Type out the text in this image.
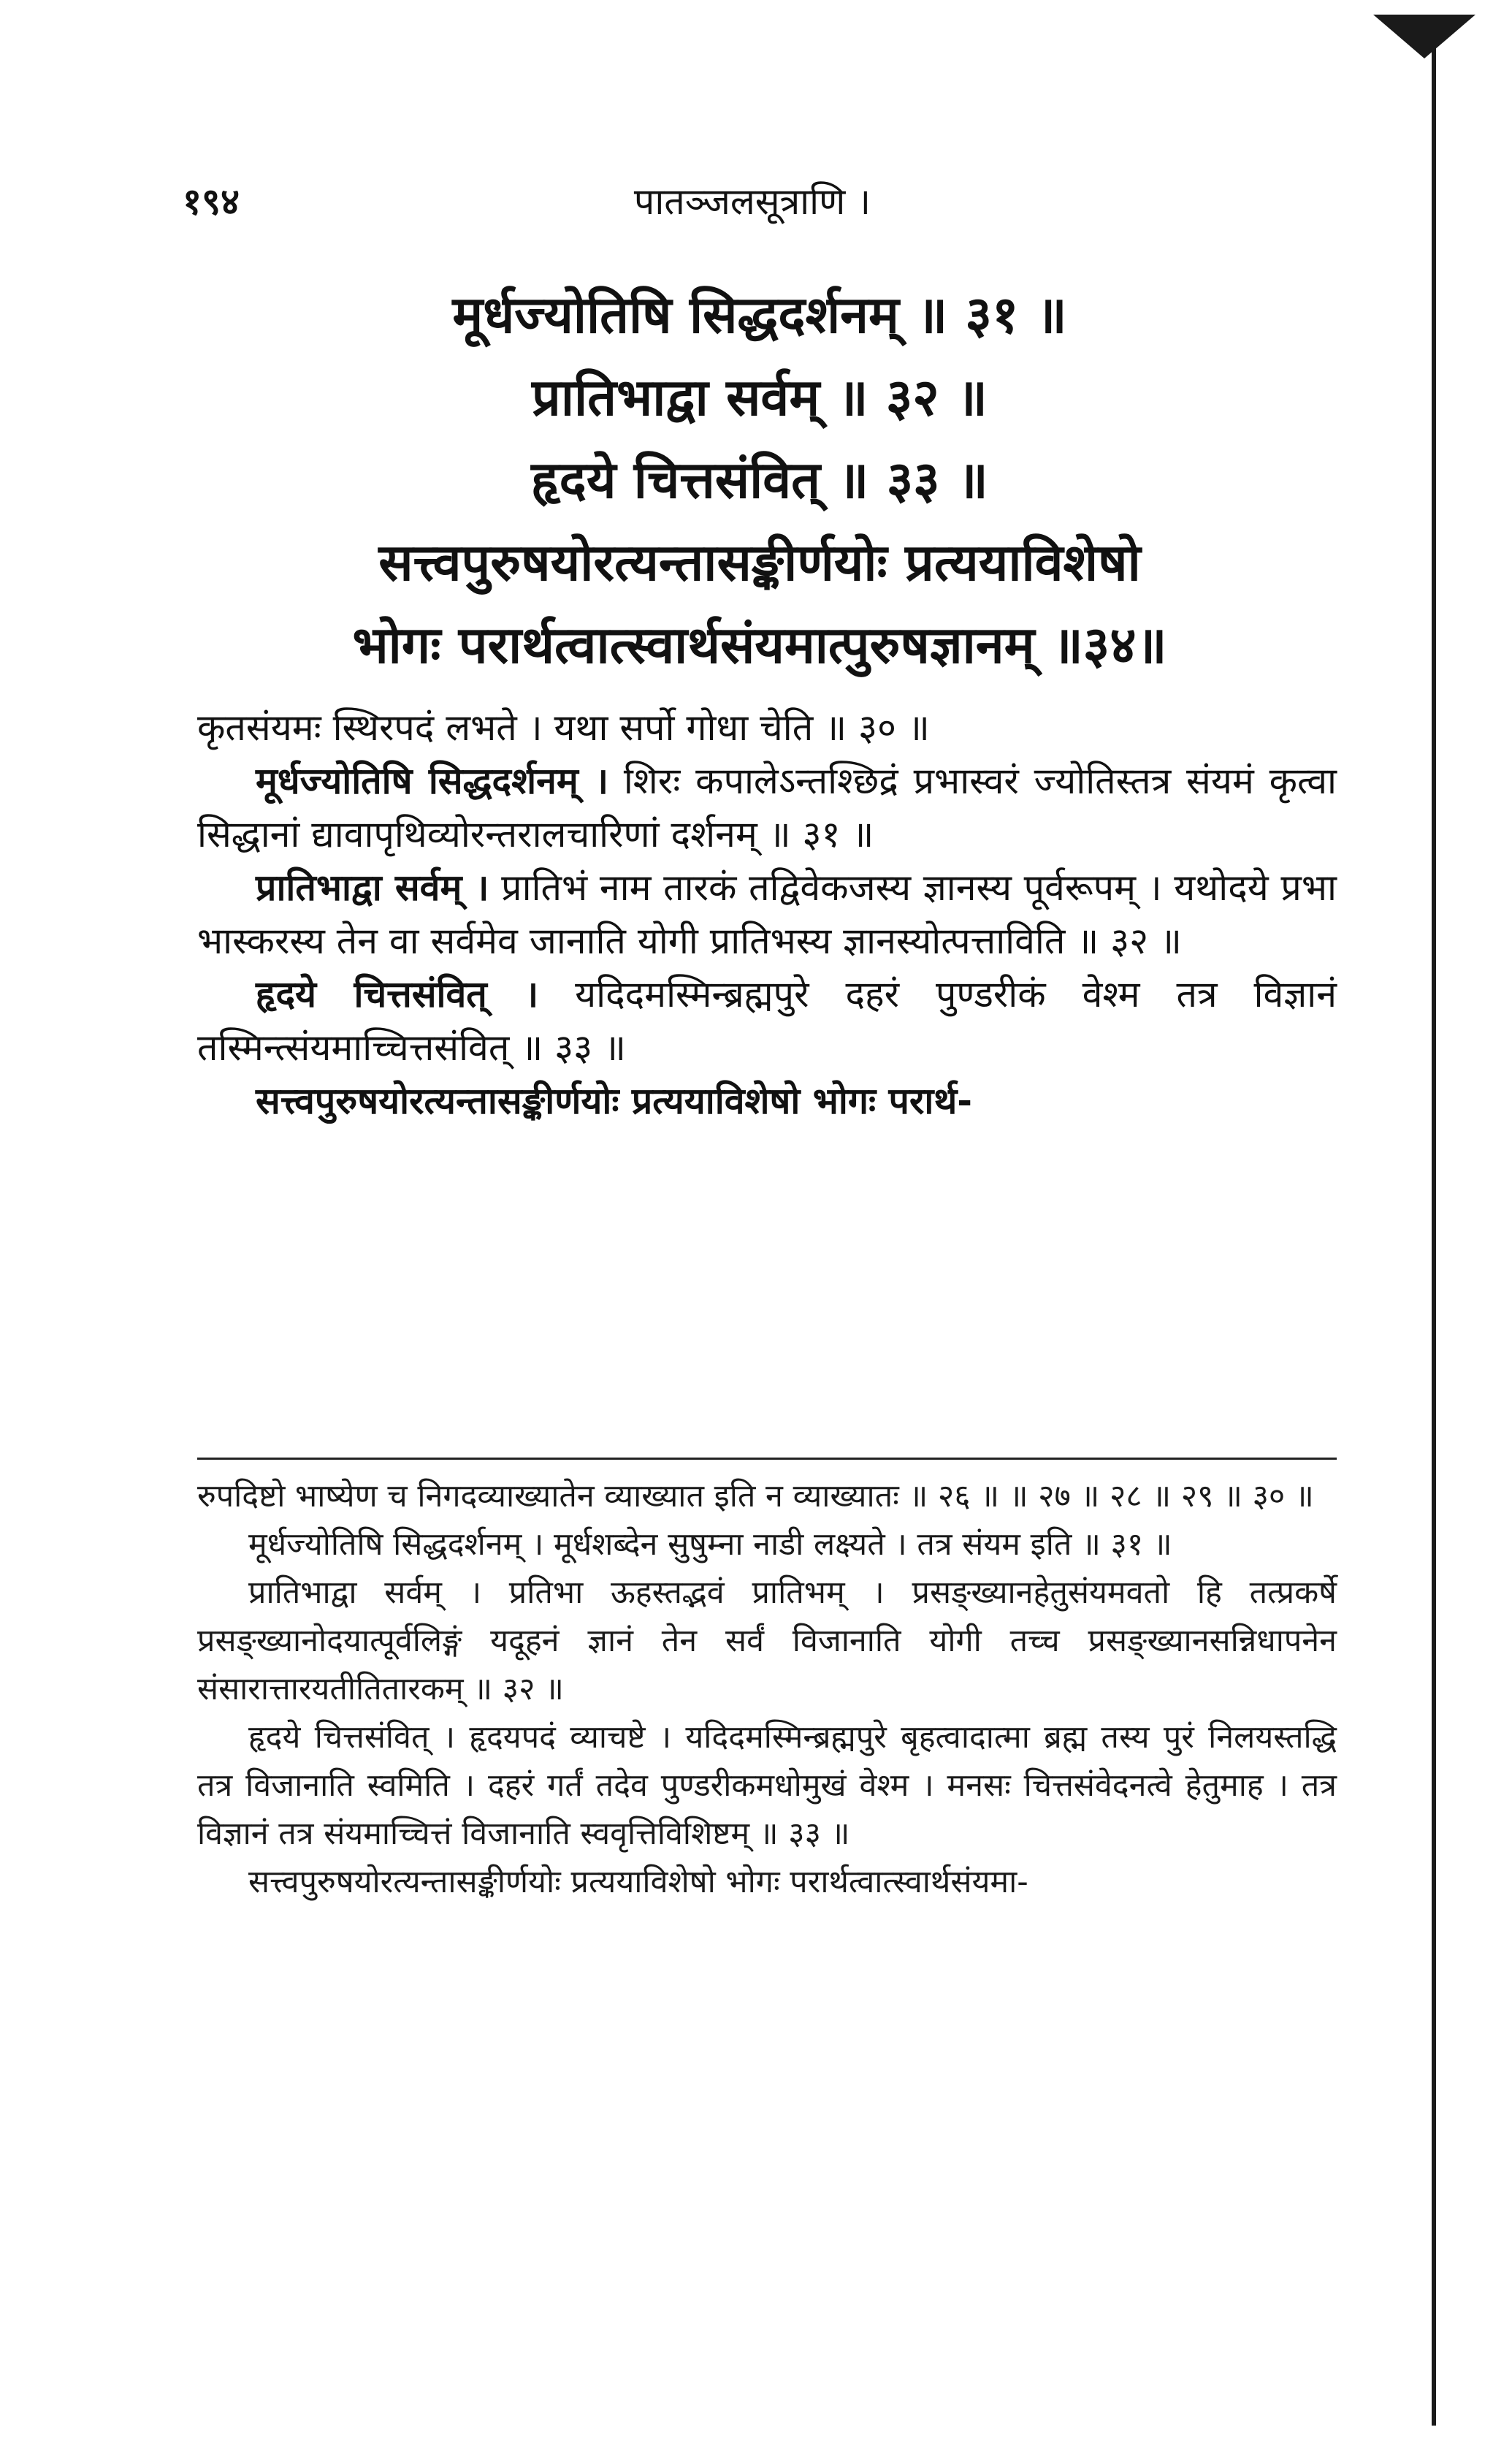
१९४	पातञ्जलसूत्राणि ।
मूर्धज्योतिषि सिद्धदर्शनम् ॥ ३१ ॥
प्रातिभाद्वा सर्वम् ॥ ३२ ॥
हृदये चित्तसंवित् ॥ ३३ ॥
सत्त्वपुरुषयोरत्यन्तासङ्कीर्णयोः प्रत्ययाविशेषो
भोगः परार्थत्वात्स्वार्थसंयमात्पुरुषज्ञानम् ॥३४॥

कृतसंयमः स्थिरपदं लभते । यथा सर्पो गोधा चेति ॥ ३० ॥

मूर्धज्योतिषि सिद्धदर्शनम् । शिरः कपालेऽन्तश्छिद्रं प्रभास्वरं ज्योतिस्तत्र संयमं कृत्वा सिद्धानां द्यावापृथिव्योरन्तरालचारिणां दर्शनम् ॥ ३१ ॥

प्रातिभाद्वा सर्वम् । प्रातिभं नाम तारकं तद्विवेकजस्य ज्ञानस्य पूर्वरूपम् । यथोदये प्रभा भास्करस्य तेन वा सर्वमेव जानाति योगी प्रातिभस्य ज्ञानस्योत्पत्ताविति ॥ ३२ ॥

हृदये चित्तसंवित् । यदिदमस्मिन्ब्रह्मपुरे दहरं पुण्डरीकं वेश्म तत्र विज्ञानं तस्मिन्त्संयमाच्चित्तसंवित् ॥ ३३ ॥

सत्त्वपुरुषयोरत्यन्तासङ्कीर्णयोः प्रत्ययाविशेषो भोगः परार्थ-

रुपदिष्टो भाष्येण च निगदव्याख्यातेन व्याख्यात इति न व्याख्यातः ॥ २६ ॥ ॥ २७ ॥ २८ ॥ २९ ॥ ३० ॥

मूर्धज्योतिषि सिद्धदर्शनम् । मूर्धशब्देन सुषुम्ना नाडी लक्ष्यते । तत्र संयम इति ॥ ३१ ॥

प्रातिभाद्वा सर्वम् । प्रतिभा ऊहस्तद्भवं प्रातिभम् । प्रसङ्ख्यानहेतुसंयमवतो हि तत्प्रकर्षे प्रसङ्ख्यानोदयात्पूर्वलिङ्गं यदूहनं ज्ञानं तेन सर्वं विजानाति योगी तच्च प्रसङ्ख्यानसन्निधापनेन संसारात्तारयतीतितारकम् ॥ ३२ ॥

हृदये चित्तसंवित् । हृदयपदं व्याचष्टे । यदिदमस्मिन्ब्रह्मपुरे बृहत्वादात्मा ब्रह्म तस्य पुरं निलयस्तद्धि तत्र विजानाति स्वमिति । दहरं गर्तं तदेव पुण्डरीकमधोमुखं वेश्म । मनसः चित्तसंवेदनत्वे हेतुमाह । तत्र विज्ञानं तत्र संयमाच्चित्तं विजानाति स्ववृत्तिविशिष्टम् ॥ ३३ ॥

सत्त्वपुरुषयोरत्यन्तासङ्कीर्णयोः प्रत्ययाविशेषो भोगः परार्थत्वात्स्वार्थसंयमा-
